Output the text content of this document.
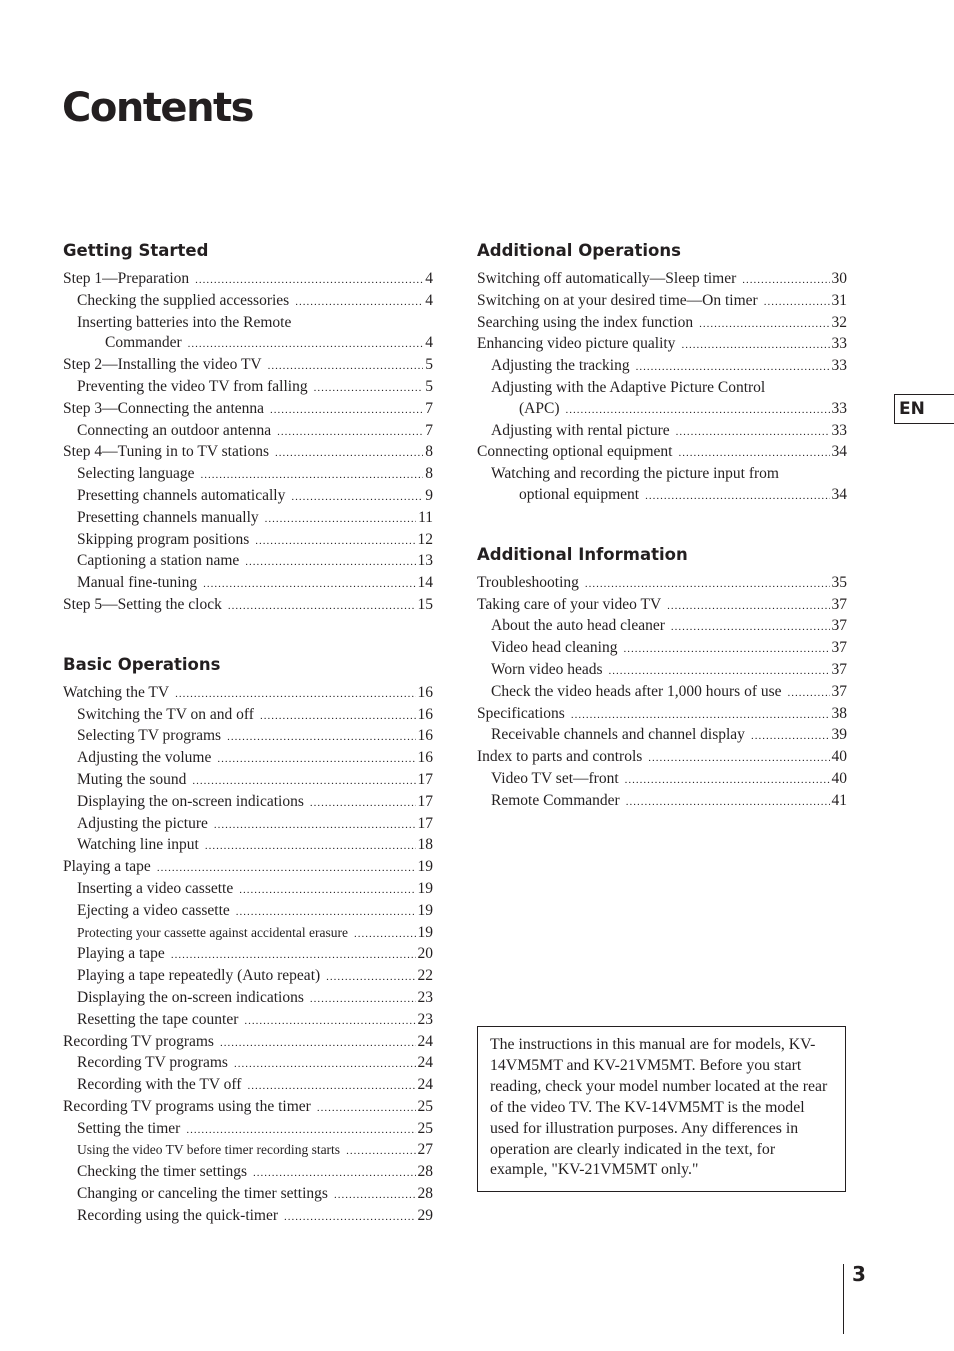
Contents
Getting Started
Step 1—Preparation .....	4
Checking the supplied accessories .....	4
Inserting batteries into the Remote
Commander .....	4
Step 2—Installing the video TV .....	5
Preventing the video TV from falling .....	5
Step 3—Connecting the antenna .....	7
Connecting an outdoor antenna .....	7
Step 4—Tuning in to TV stations .....	8
Selecting language .....	8
Presetting channels automatically .....	9
Presetting channels manually .....	11
Skipping program positions .....	12
Captioning a station name .....	13
Manual fine-tuning .....	14
Step 5—Setting the clock .....	15
Basic Operations
Watching the TV .....	16
Switching the TV on and off .....	16
Selecting TV programs .....	16
Adjusting the volume .....	16
Muting the sound .....	17
Displaying the on-screen indications .....	17
Adjusting the picture .....	17
Watching line input .....	18
Playing a tape .....	19
Inserting a video cassette .....	19
Ejecting a video cassette .....	19
Protecting your cassette against accidental erasure .....	19
Playing a tape .....	20
Playing a tape repeatedly (Auto repeat) .....	22
Displaying the on-screen indications .....	23
Resetting the tape counter .....	23
Recording TV programs .....	24
Recording TV programs .....	24
Recording with the TV off .....	24
Recording TV programs using the timer .....	25
Setting the timer .....	25
Using the video TV before timer recording starts .....	27
Checking the timer settings .....	28
Changing or canceling the timer settings .....	28
Recording using the quick-timer .....	29
Additional Operations
Switching off automatically—Sleep timer .....	30
Switching on at your desired time—On timer .....	31
Searching using the index function .....	32
Enhancing video picture quality .....	33
Adjusting the tracking .....	33
Adjusting with the Adaptive Picture Control
(APC) .....	33
Adjusting with rental picture .....	33
Connecting optional equipment .....	34
Watching and recording the picture input from
optional equipment .....	34
Additional Information
Troubleshooting .....	35
Taking care of your video TV .....	37
About the auto head cleaner .....	37
Video head cleaning .....	37
Worn video heads .....	37
Check the video heads after 1,000 hours of use .....	37
Specifications .....	38
Receivable channels and channel display .....	39
Index to parts and controls .....	40
Video TV set—front .....	40
Remote Commander .....	41
EN
The instructions in this manual are for models, KV-14VM5MT and KV-21VM5MT. Before you start reading, check your model number located at the rear of the video TV. The KV-14VM5MT is the model used for illustration purposes. Any differences in operation are clearly indicated in the text, for example, "KV-21VM5MT only."
3
